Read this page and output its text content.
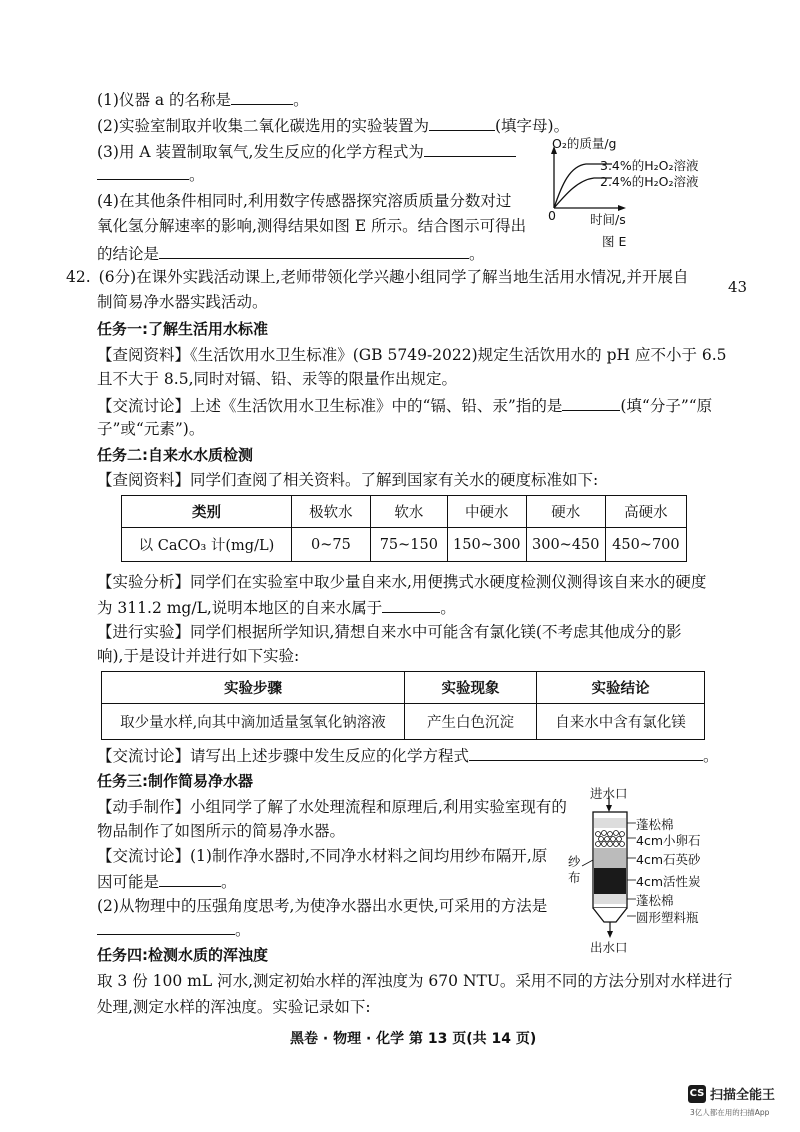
(1)仪器 a 的名称是	。
(2)实验室制取并收集二氧化碳选用的实验装置为	(填字母)。
(3)用 A 装置制取氧气,发生反应的化学方程式为
。
(4)在其他条件相同时,利用数字传感器探究溶质质量分数对过
氧化氢分解速率的影响,测得结果如图 E 所示。结合图示可得出
的结论是	。
O₂的质量/g
3.4%的H₂O₂溶液
2.4%的H₂O₂溶液
0	时间/s
图 E
42. (6分)在课外实践活动课上,老师带领化学兴趣小组同学了解当地生活用水情况,并开展自
43
制简易净水器实践活动。
任务一:了解生活用水标准
【查阅资料】《生活饮用水卫生标准》(GB 5749-2022)规定生活饮用水的 pH 应不小于 6.5
且不大于 8.5,同时对镉、铅、汞等的限量作出规定。
【交流讨论】上述《生活饮用水卫生标准》中的“镉、铅、汞”指的是	(填“分子”“原
子”或“元素”)。
任务二:自来水水质检测
【查阅资料】同学们查阅了相关资料。了解到国家有关水的硬度标准如下:
类别	极软水	软水	中硬水	硬水	高硬水
以 CaCO₃ 计(mg/L)	0~75	75~150	150~300	300~450	450~700
【实验分析】同学们在实验室中取少量自来水,用便携式水硬度检测仪测得该自来水的硬度
为 311.2 mg/L,说明本地区的自来水属于	。
【进行实验】同学们根据所学知识,猜想自来水中可能含有氯化镁(不考虑其他成分的影
响),于是设计并进行如下实验:
实验步骤	实验现象	实验结论
取少量水样,向其中滴加适量氢氧化钠溶液	产生白色沉淀	自来水中含有氯化镁
【交流讨论】请写出上述步骤中发生反应的化学方程式	。
任务三:制作简易净水器
【动手制作】小组同学了解了水处理流程和原理后,利用实验室现有的
物品制作了如图所示的简易净水器。
【交流讨论】(1)制作净水器时,不同净水材料之间均用纱布隔开,原
因可能是	。
(2)从物理中的压强角度思考,为使净水器出水更快,可采用的方法是
。
进水口
蓬松棉
4cm小卵石
4cm石英砂
4cm活性炭
蓬松棉
圆形塑料瓶
纱布
出水口
任务四:检测水质的浑浊度
取 3 份 100 mL 河水,测定初始水样的浑浊度为 670 NTU。采用不同的方法分别对水样进行
处理,测定水样的浑浊度。实验记录如下:
黑卷 · 物理 · 化学 第 13 页(共 14 页)
CS 扫描全能王
3亿人都在用的扫描App
